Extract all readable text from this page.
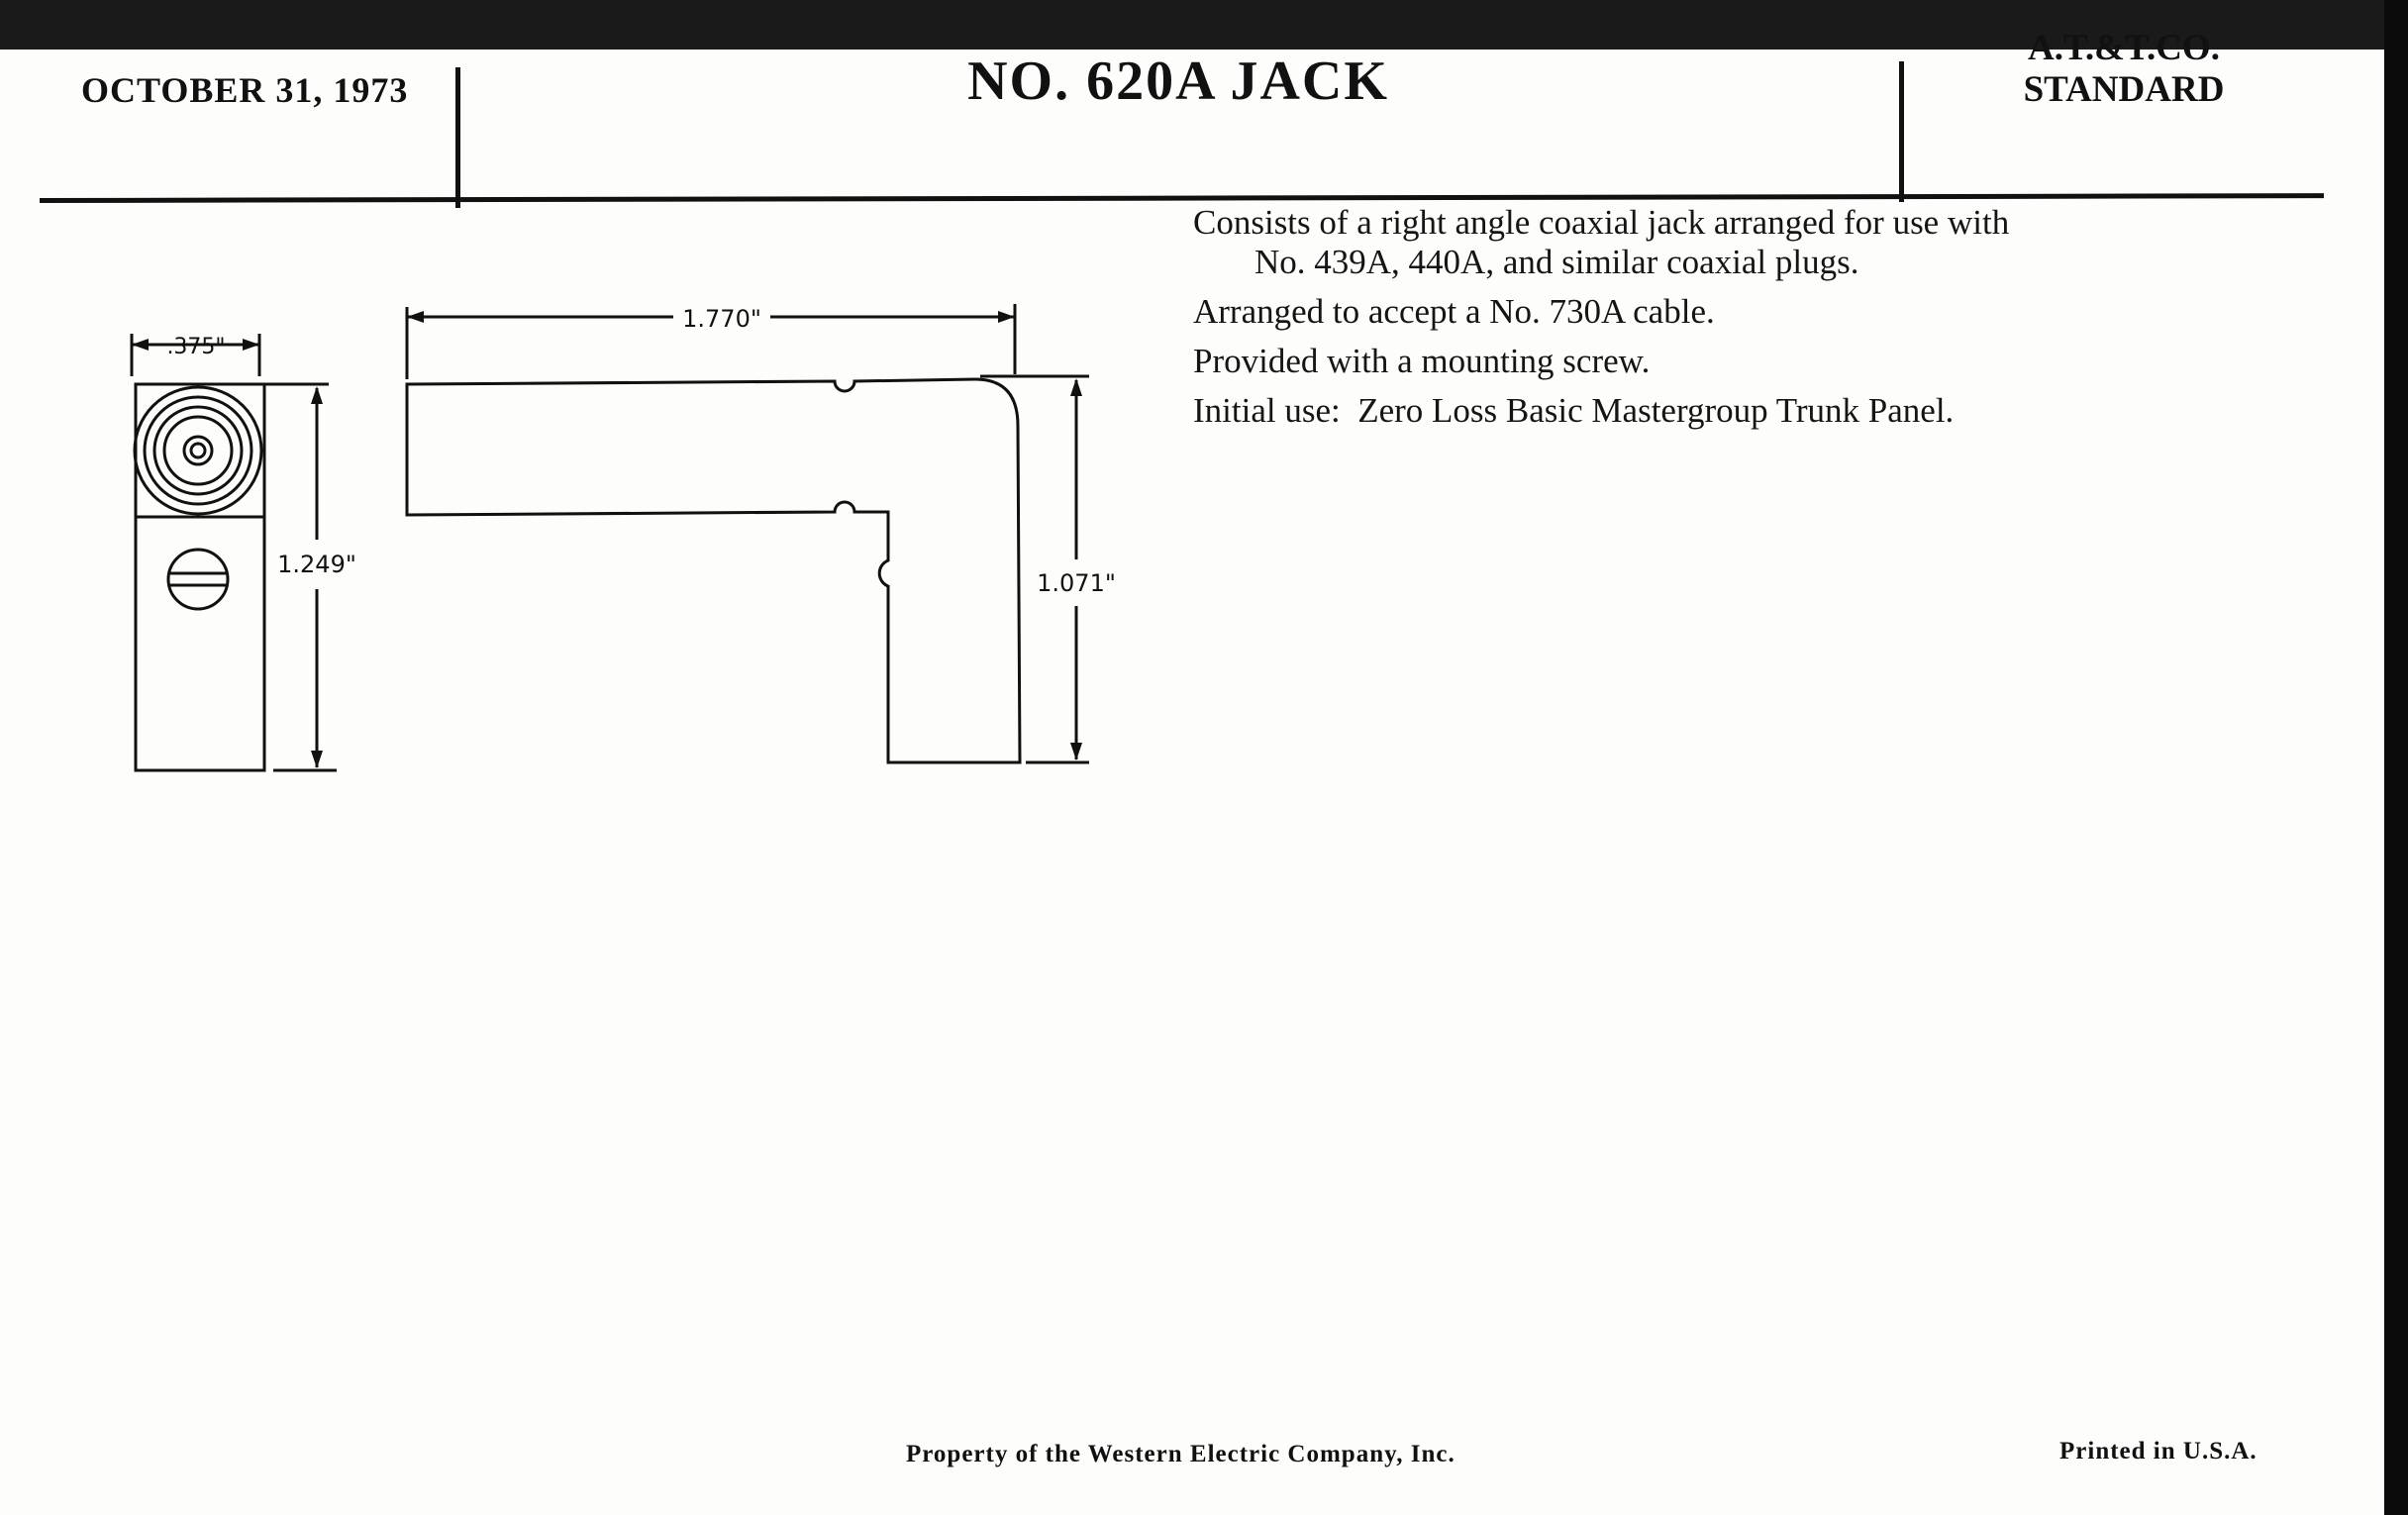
OCTOBER 31, 1973	NO. 620A JACK
A.T.&T.CO.
STANDARD
.375"
1.249"
1.770"
1.071"

Consists of a right angle coaxial jack arranged for use with
No. 439A, 440A, and similar coaxial plugs.

Arranged to accept a No. 730A cable.

Provided with a mounting screw.

Initial use: Zero Loss Basic Mastergroup Trunk Panel.

Property of the Western Electric Company, Inc.	Printed in U.S.A.
